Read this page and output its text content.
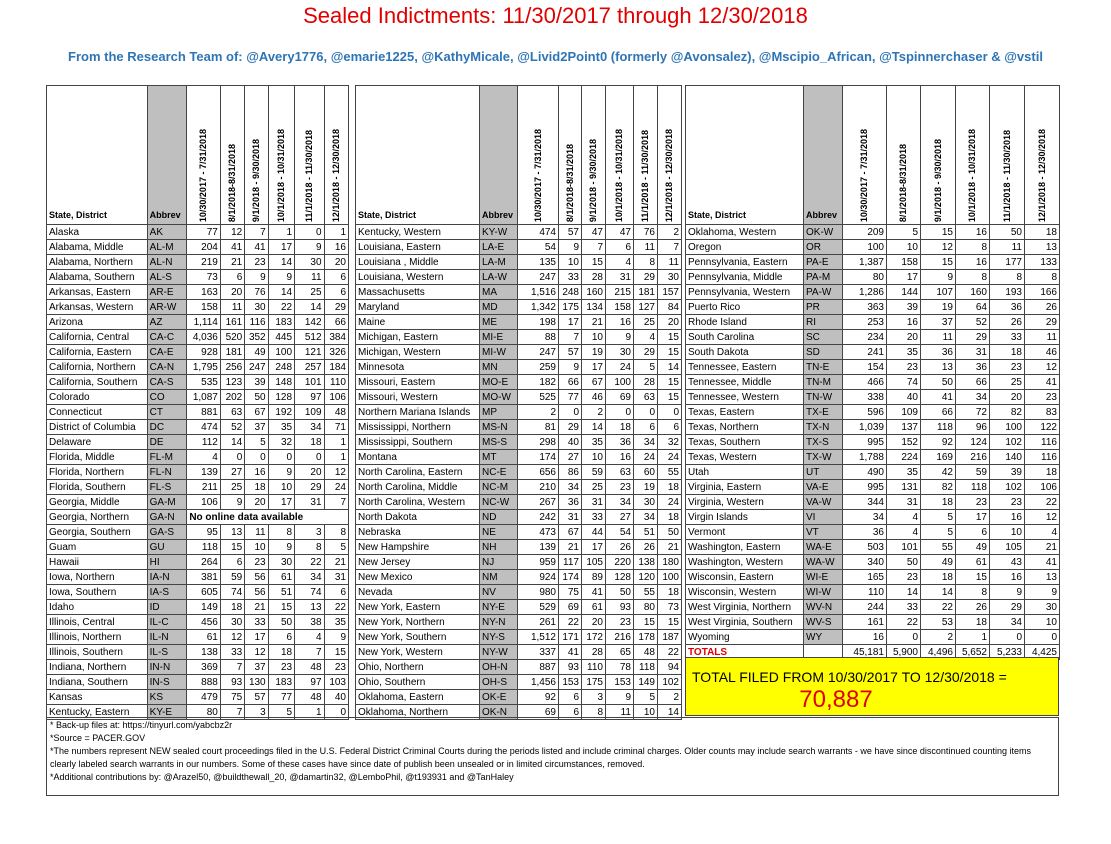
Sealed Indictments: 11/30/2017 through 12/30/2018
From the Research Team of: @Avery1776, @emarie1225, @KathyMicale, @Livid2Point0 (formerly @Avonsalez), @Mscipio_African, @Tspinnerchaser & @vstil
State, District	Abbrev	10/30/2017 - 7/31/2018	8/1/2018-8/31/2018	9/1/2018 - 9/30/2018	10/1/2018 - 10/31/2018	11/1/2018 - 11/30/2018	12/1/2018 - 12/30/2018

Alaska	AK	77	12	7	1	0	1
Alabama, Middle	AL-M	204	41	41	17	9	16
Alabama, Northern	AL-N	219	21	23	14	30	20
Alabama, Southern	AL-S	73	6	9	9	11	6
Arkansas, Eastern	AR-E	163	20	76	14	25	6
Arkansas, Western	AR-W	158	11	30	22	14	29
Arizona	AZ	1,114	161	116	183	142	66
California, Central	CA-C	4,036	520	352	445	512	384
California, Eastern	CA-E	928	181	49	100	121	326
California, Northern	CA-N	1,795	256	247	248	257	184
California, Southern	CA-S	535	123	39	148	101	110
Colorado	CO	1,087	202	50	128	97	106
Connecticut	CT	881	63	67	192	109	48
District of Columbia	DC	474	52	37	35	34	71
Delaware	DE	112	14	5	32	18	1
Florida, Middle	FL-M	4	0	0	0	0	1
Florida, Northern	FL-N	139	27	16	9	20	12
Florida, Southern	FL-S	211	25	18	10	29	24
Georgia, Middle	GA-M	106	9	20	17	31	7
Georgia, Northern	GA-N	No online data available					
Georgia, Southern	GA-S	95	13	11	8	3	8
Guam	GU	118	15	10	9	8	5
Hawaii	HI	264	6	23	30	22	21
Iowa, Northern	IA-N	381	59	56	61	34	31
Iowa, Southern	IA-S	605	74	56	51	74	6
Idaho	ID	149	18	21	15	13	22
Illinois, Central	IL-C	456	30	33	50	38	35
Illinois, Northern	IL-N	61	12	17	6	4	9
Illinois, Southern	IL-S	138	33	12	18	7	15
Indiana, Northern	IN-N	369	7	37	23	48	23
Indiana, Southern	IN-S	888	93	130	183	97	103
Kansas	KS	479	75	57	77	48	40
Kentucky, Eastern	KY-E	80	7	3	5	1	0
State, District	Abbrev	10/30/2017 - 7/31/2018	8/1/2018-8/31/2018	9/1/2018 - 9/30/2018	10/1/2018 - 10/31/2018	11/1/2018 - 11/30/2018	12/1/2018 - 12/30/2018

Kentucky, Western	KY-W	474	57	47	47	76	2
Louisiana, Eastern	LA-E	54	9	7	6	11	7
Louisiana , Middle	LA-M	135	10	15	4	8	11
Louisiana, Western	LA-W	247	33	28	31	29	30
Massachusetts	MA	1,516	248	160	215	181	157
Maryland	MD	1,342	175	134	158	127	84
Maine	ME	198	17	21	16	25	20
Michigan, Eastern	MI-E	88	7	10	9	4	15
Michigan, Western	MI-W	247	57	19	30	29	15
Minnesota	MN	259	9	17	24	5	14
Missouri, Eastern	MO-E	182	66	67	100	28	15
Missouri, Western	MO-W	525	77	46	69	63	15
Northern Mariana Islands	MP	2	0	2	0	0	0
Mississippi, Northern	MS-N	81	29	14	18	6	6
Mississippi, Southern	MS-S	298	40	35	36	34	32
Montana	MT	174	27	10	16	24	24
North Carolina, Eastern	NC-E	656	86	59	63	60	55
North Carolina, Middle	NC-M	210	34	25	23	19	18
North Carolina, Western	NC-W	267	36	31	34	30	24
North Dakota	ND	242	31	33	27	34	18
Nebraska	NE	473	67	44	54	51	50
New Hampshire	NH	139	21	17	26	26	21
New Jersey	NJ	959	117	105	220	138	180
New Mexico	NM	924	174	89	128	120	100
Nevada	NV	980	75	41	50	55	18
New York, Eastern	NY-E	529	69	61	93	80	73
New York, Northern	NY-N	261	22	20	23	15	15
New York, Southern	NY-S	1,512	171	172	216	178	187
New York, Western	NY-W	337	41	28	65	48	22
Ohio, Northern	OH-N	887	93	110	78	118	94
Ohio, Southern	OH-S	1,456	153	175	153	149	102
Oklahoma, Eastern	OK-E	92	6	3	9	5	2
Oklahoma, Northern	OK-N	69	6	8	11	10	14
State, District	Abbrev	10/30/2017 - 7/31/2018	8/1/2018-8/31/2018	9/1/2018 - 9/30/2018	10/1/2018 - 10/31/2018	11/1/2018 - 11/30/2018	12/1/2018 - 12/30/2018

Oklahoma, Western	OK-W	209	5	15	16	50	18
Oregon	OR	100	10	12	8	11	13
Pennsylvania, Eastern	PA-E	1,387	158	15	16	177	133
Pennsylvania, Middle	PA-M	80	17	9	8	8	8
Pennsylvania, Western	PA-W	1,286	144	107	160	193	166
Puerto Rico	PR	363	39	19	64	36	26
Rhode Island	RI	253	16	37	52	26	29
South Carolina	SC	234	20	11	29	33	11
South Dakota	SD	241	35	36	31	18	46
Tennessee, Eastern	TN-E	154	23	13	36	23	12
Tennessee, Middle	TN-M	466	74	50	66	25	41
Tennessee, Western	TN-W	338	40	41	34	20	23
Texas, Eastern	TX-E	596	109	66	72	82	83
Texas, Northern	TX-N	1,039	137	118	96	100	122
Texas, Southern	TX-S	995	152	92	124	102	116
Texas, Western	TX-W	1,788	224	169	216	140	116
Utah	UT	490	35	42	59	39	18
Virginia, Eastern	VA-E	995	131	82	118	102	106
Virginia, Western	VA-W	344	31	18	23	23	22
Virgin Islands	VI	34	4	5	17	16	12
Vermont	VT	36	4	5	6	10	4
Washington, Eastern	WA-E	503	101	55	49	105	21
Washington, Western	WA-W	340	50	49	61	43	41
Wisconsin, Eastern	WI-E	165	23	18	15	16	13
Wisconsin, Western	WI-W	110	14	14	8	9	9
West Virginia, Northern	WV-N	244	33	22	26	29	30
West Virginia, Southern	WV-S	161	22	53	18	34	10
Wyoming	WY	16	0	2	1	0	0
TOTALS		45,181	5,900	4,496	5,652	5,233	4,425
TOTAL FILED FROM 10/30/2017 TO 12/30/2018 =
70,887
* Back-up files at: https://tinyurl.com/yabcbz2r
*Source = PACER.GOV
*The numbers represent NEW sealed court proceedings filed in the U.S. Federal District Criminal Courts during the periods listed and include criminal charges. Older counts may include search warrants - we have since discontinued counting items clearly labeled search warrants in our numbers. Some of these cases have since date of publish been unsealed or in limited circumstances, removed.
*Additional contributions by: @Arazel50, @buildthewall_20, @damartin32, @LemboPhil, @t193931 and @TanHaley
